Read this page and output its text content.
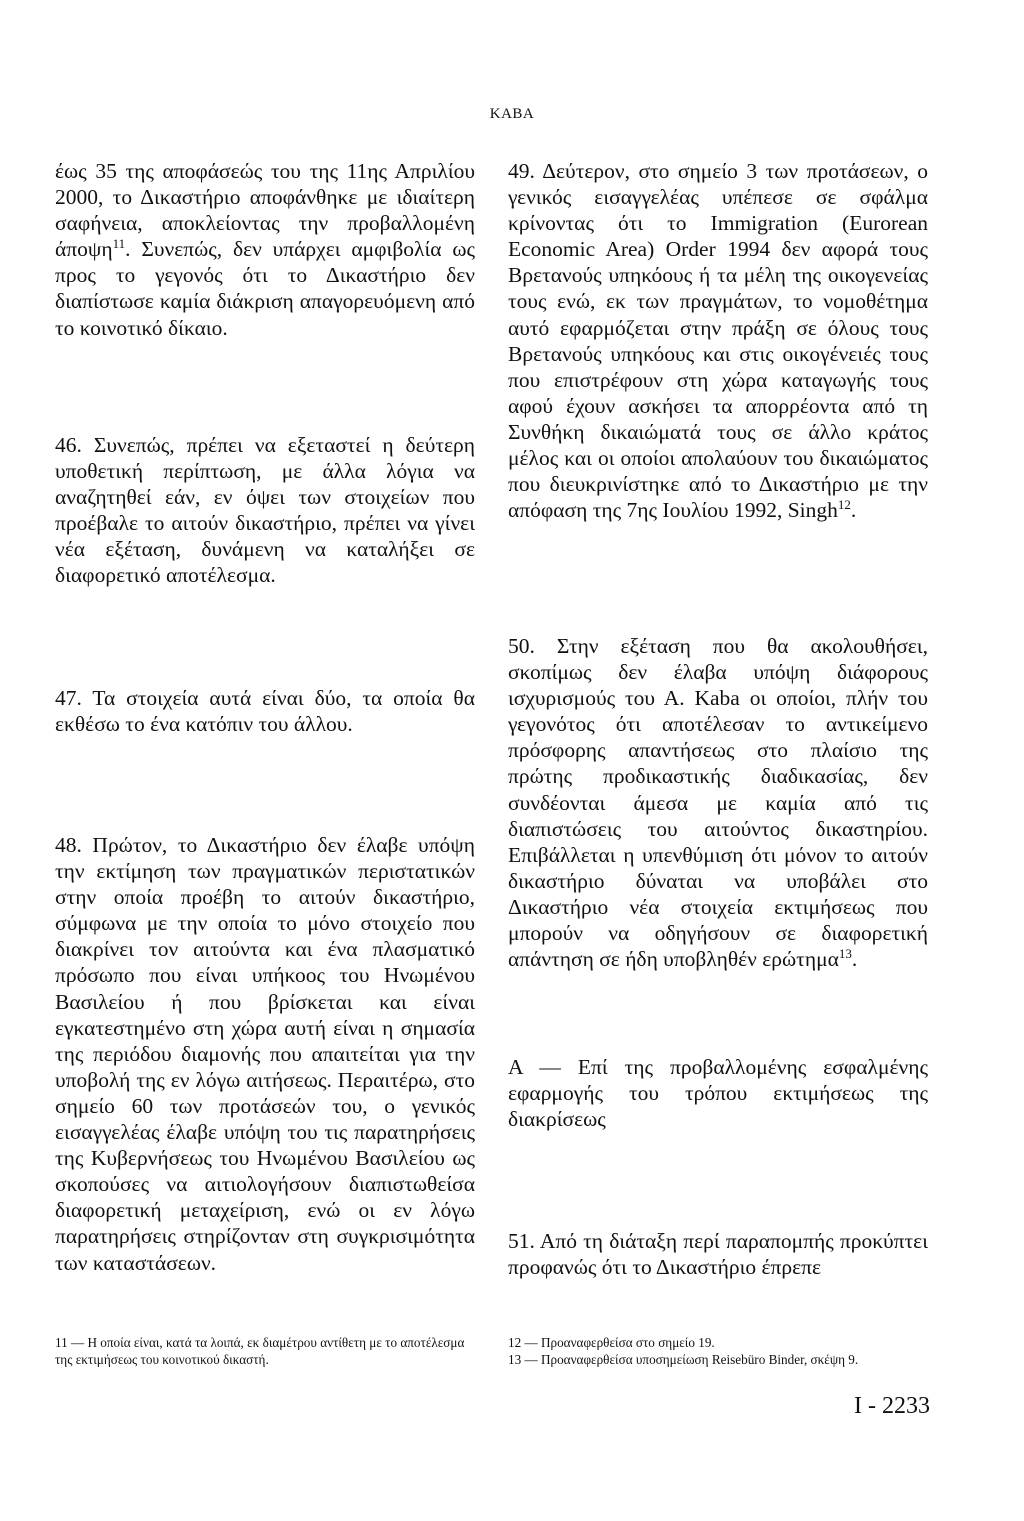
KABA

έως 35 της αποφάσεώς του της 11ης Απριλίου 2000, το Δικαστήριο αποφάνθηκε με ιδιαίτερη σαφήνεια, αποκλείοντας την προβαλλομένη άποψη$^{11}$. Συνεπώς, δεν υπάρχει αμφιβολία ως προς το γεγονός ότι το Δικαστήριο δεν διαπίστωσε καμία διάκριση απαγορευόμενη από το κοινοτικό δίκαιο.

46. Συνεπώς, πρέπει να εξεταστεί η δεύτερη υποθετική περίπτωση, με άλλα λόγια να αναζητηθεί εάν, εν όψει των στοιχείων που προέβαλε το αιτούν δικαστήριο, πρέπει να γίνει νέα εξέταση, δυνάμενη να καταλήξει σε διαφορετικό αποτέλεσμα.

47. Τα στοιχεία αυτά είναι δύο, τα οποία θα εκθέσω το ένα κατόπιν του άλλου.

48. Πρώτον, το Δικαστήριο δεν έλαβε υπόψη την εκτίμηση των πραγματικών περιστατικών στην οποία προέβη το αιτούν δικαστήριο, σύμφωνα με την οποία το μόνο στοιχείο που διακρίνει τον αιτούντα και ένα πλασματικό πρόσωπο που είναι υπήκοος του Ηνωμένου Βασιλείου ή που βρίσκεται και είναι εγκατεστημένο στη χώρα αυτή είναι η σημασία της περιόδου διαμονής που απαιτείται για την υποβολή της εν λόγω αιτήσεως. Περαιτέρω, στο σημείο 60 των προτάσεών του, ο γενικός εισαγγελέας έλαβε υπόψη του τις παρατηρήσεις της Κυβερνήσεως του Ηνωμένου Βασιλείου ως σκοπούσες να αιτιολογήσουν διαπιστωθείσα διαφορετική μεταχείριση, ενώ οι εν λόγω παρατηρήσεις στηρίζονταν στη συγκρισιμότητα των καταστάσεων.

49. Δεύτερον, στο σημείο 3 των προτάσεων, ο γενικός εισαγγελέας υπέπεσε σε σφάλμα κρίνοντας ότι το Immigration (Eurorean Economic Area) Order 1994 δεν αφορά τους Βρετανούς υπηκόους ή τα μέλη της οικογενείας τους ενώ, εκ των πραγμάτων, το νομοθέτημα αυτό εφαρμόζεται στην πράξη σε όλους τους Βρετανούς υπηκόους και στις οικογένειές τους που επιστρέφουν στη χώρα καταγωγής τους αφού έχουν ασκήσει τα απορρέοντα από τη Συνθήκη δικαιώματά τους σε άλλο κράτος μέλος και οι οποίοι απολαύουν του δικαιώματος που διευκρινίστηκε από το Δικαστήριο με την απόφαση της 7ης Ιουλίου 1992, Singh$^{12}$.

50. Στην εξέταση που θα ακολουθήσει, σκοπίμως δεν έλαβα υπόψη διάφορους ισχυρισμούς του Α. Kaba οι οποίοι, πλήν του γεγονότος ότι αποτέλεσαν το αντικείμενο πρόσφορης απαντήσεως στο πλαίσιο της πρώτης προδικαστικής διαδικασίας, δεν συνδέονται άμεσα με καμία από τις διαπιστώσεις του αιτούντος δικαστηρίου. Επιβάλλεται η υπενθύμιση ότι μόνον το αιτούν δικαστήριο δύναται να υποβάλει στο Δικαστήριο νέα στοιχεία εκτιμήσεως που μπορούν να οδηγήσουν σε διαφορετική απάντηση σε ήδη υποβληθέν ερώτημα$^{13}$.

Α — Επί της προβαλλομένης εσφαλμένης εφαρμογής του τρόπου εκτιμήσεως της διακρίσεως

51. Από τη διάταξη περί παραπομπής προκύπτει προφανώς ότι το Δικαστήριο έπρεπε

11 — Η οποία είναι, κατά τα λοιπά, εκ διαμέτρου αντίθετη με το αποτέλεσμα της εκτιμήσεως του κοινοτικού δικαστή.

12 — Προαναφερθείσα στο σημείο 19.

13 — Προαναφερθείσα υποσημείωση Reisebüro Binder, σκέψη 9.

I - 2233
